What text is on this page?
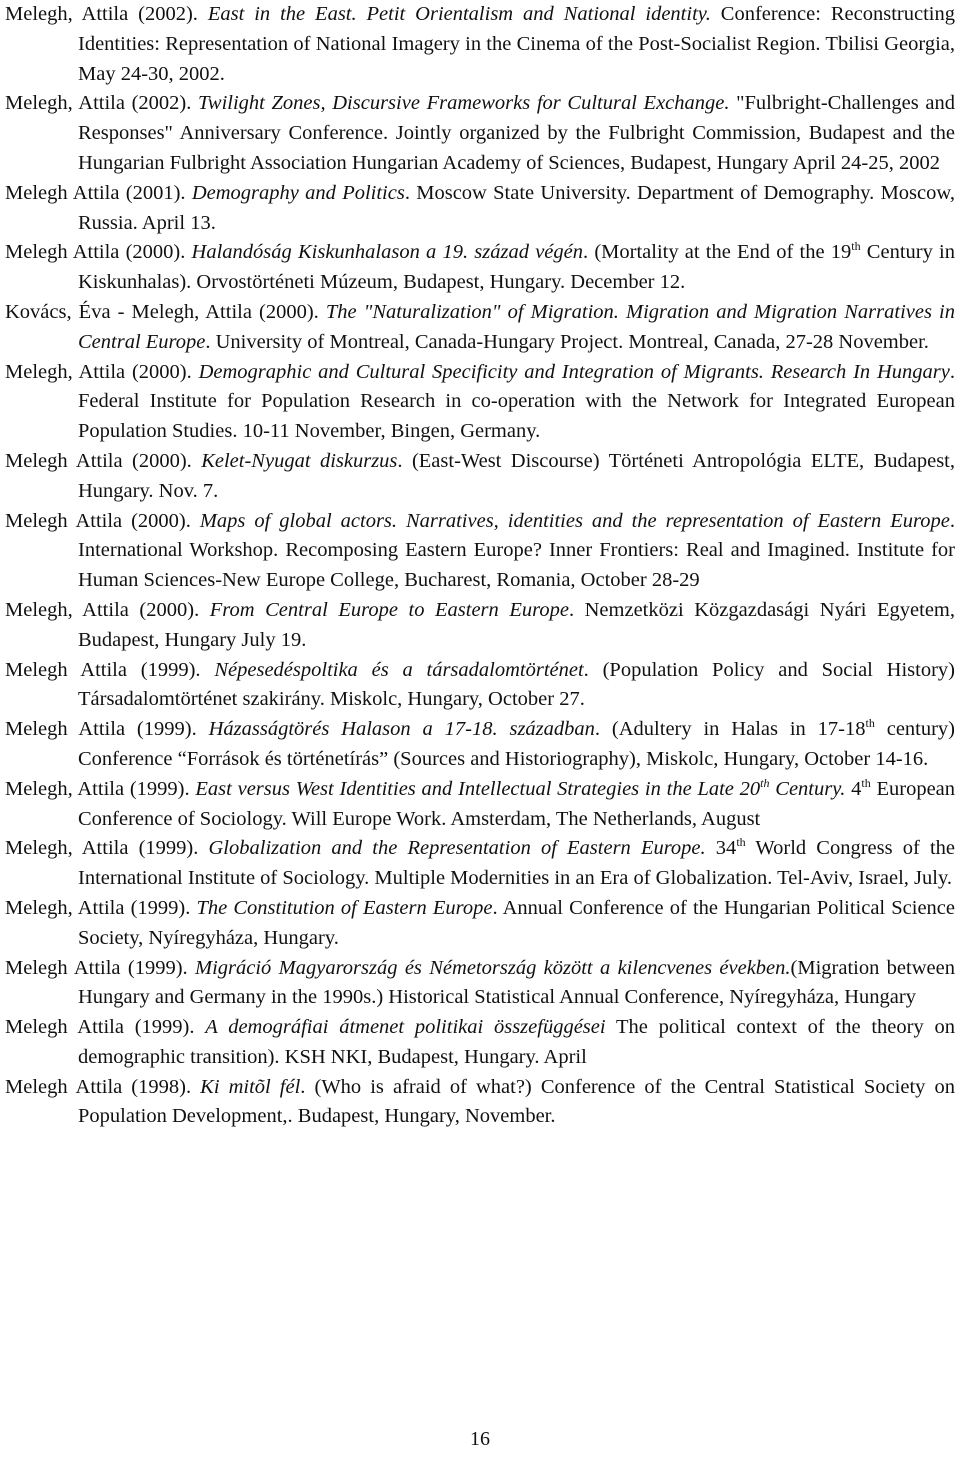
Melegh, Attila (2002). East in the East. Petit Orientalism and National identity. Conference: Reconstructing Identities: Representation of National Imagery in the Cinema of the Post-Socialist Region. Tbilisi Georgia, May 24-30, 2002.

Melegh, Attila (2002). Twilight Zones, Discursive Frameworks for Cultural Exchange. "Fulbright-Challenges and Responses" Anniversary Conference. Jointly organized by the Fulbright Commission, Budapest and the Hungarian Fulbright Association Hungarian Academy of Sciences, Budapest, Hungary April 24-25, 2002

Melegh Attila (2001). Demography and Politics. Moscow State University. Department of Demography. Moscow, Russia. April 13.

Melegh Attila (2000). Halandóság Kiskunhalason a 19. század végén. (Mortality at the End of the 19th Century in Kiskunhalas). Orvostörténeti Múzeum, Budapest, Hungary. December 12.

Kovács, Éva - Melegh, Attila (2000). The "Naturalization" of Migration. Migration and Migration Narratives in Central Europe. University of Montreal, Canada-Hungary Project. Montreal, Canada, 27-28 November.

Melegh, Attila (2000). Demographic and Cultural Specificity and Integration of Migrants. Research In Hungary. Federal Institute for Population Research in co-operation with the Network for Integrated European Population Studies. 10-11 November, Bingen, Germany.

Melegh Attila (2000). Kelet-Nyugat diskurzus. (East-West Discourse) Történeti Antropológia ELTE, Budapest, Hungary. Nov. 7.

Melegh Attila (2000). Maps of global actors. Narratives, identities and the representation of Eastern Europe. International Workshop. Recomposing Eastern Europe? Inner Frontiers: Real and Imagined. Institute for Human Sciences-New Europe College, Bucharest, Romania, October 28-29

Melegh, Attila (2000). From Central Europe to Eastern Europe. Nemzetközi Közgazdasági Nyári Egyetem, Budapest, Hungary July 19.

Melegh Attila (1999). Népesedéspoltika és a társadalomtörténet. (Population Policy and Social History) Társadalomtörténet szakirány. Miskolc, Hungary, October 27.

Melegh Attila (1999). Házasságtörés Halason a 17-18. században. (Adultery in Halas in 17-18th century) Conference “Források és történetírás” (Sources and Historiography), Miskolc, Hungary, October 14-16.

Melegh, Attila (1999). East versus West Identities and Intellectual Strategies in the Late 20th Century. 4th European Conference of Sociology. Will Europe Work. Amsterdam, The Netherlands, August

Melegh, Attila (1999). Globalization and the Representation of Eastern Europe. 34th World Congress of the International Institute of Sociology. Multiple Modernities in an Era of Globalization. Tel-Aviv, Israel, July.

Melegh, Attila (1999). The Constitution of Eastern Europe. Annual Conference of the Hungarian Political Science Society, Nyíregyháza, Hungary.

Melegh Attila (1999). Migráció Magyarország és Németország között a kilencvenes években.(Migration between Hungary and Germany in the 1990s.) Historical Statistical Annual Conference, Nyíregyháza, Hungary

Melegh Attila (1999). A demográfiai átmenet politikai összefüggései The political context of the theory on demographic transition). KSH NKI, Budapest, Hungary. April

Melegh Attila (1998). Ki mitõl fél. (Who is afraid of what?) Conference of the Central Statistical Society on Population Development,. Budapest, Hungary, November.

16
